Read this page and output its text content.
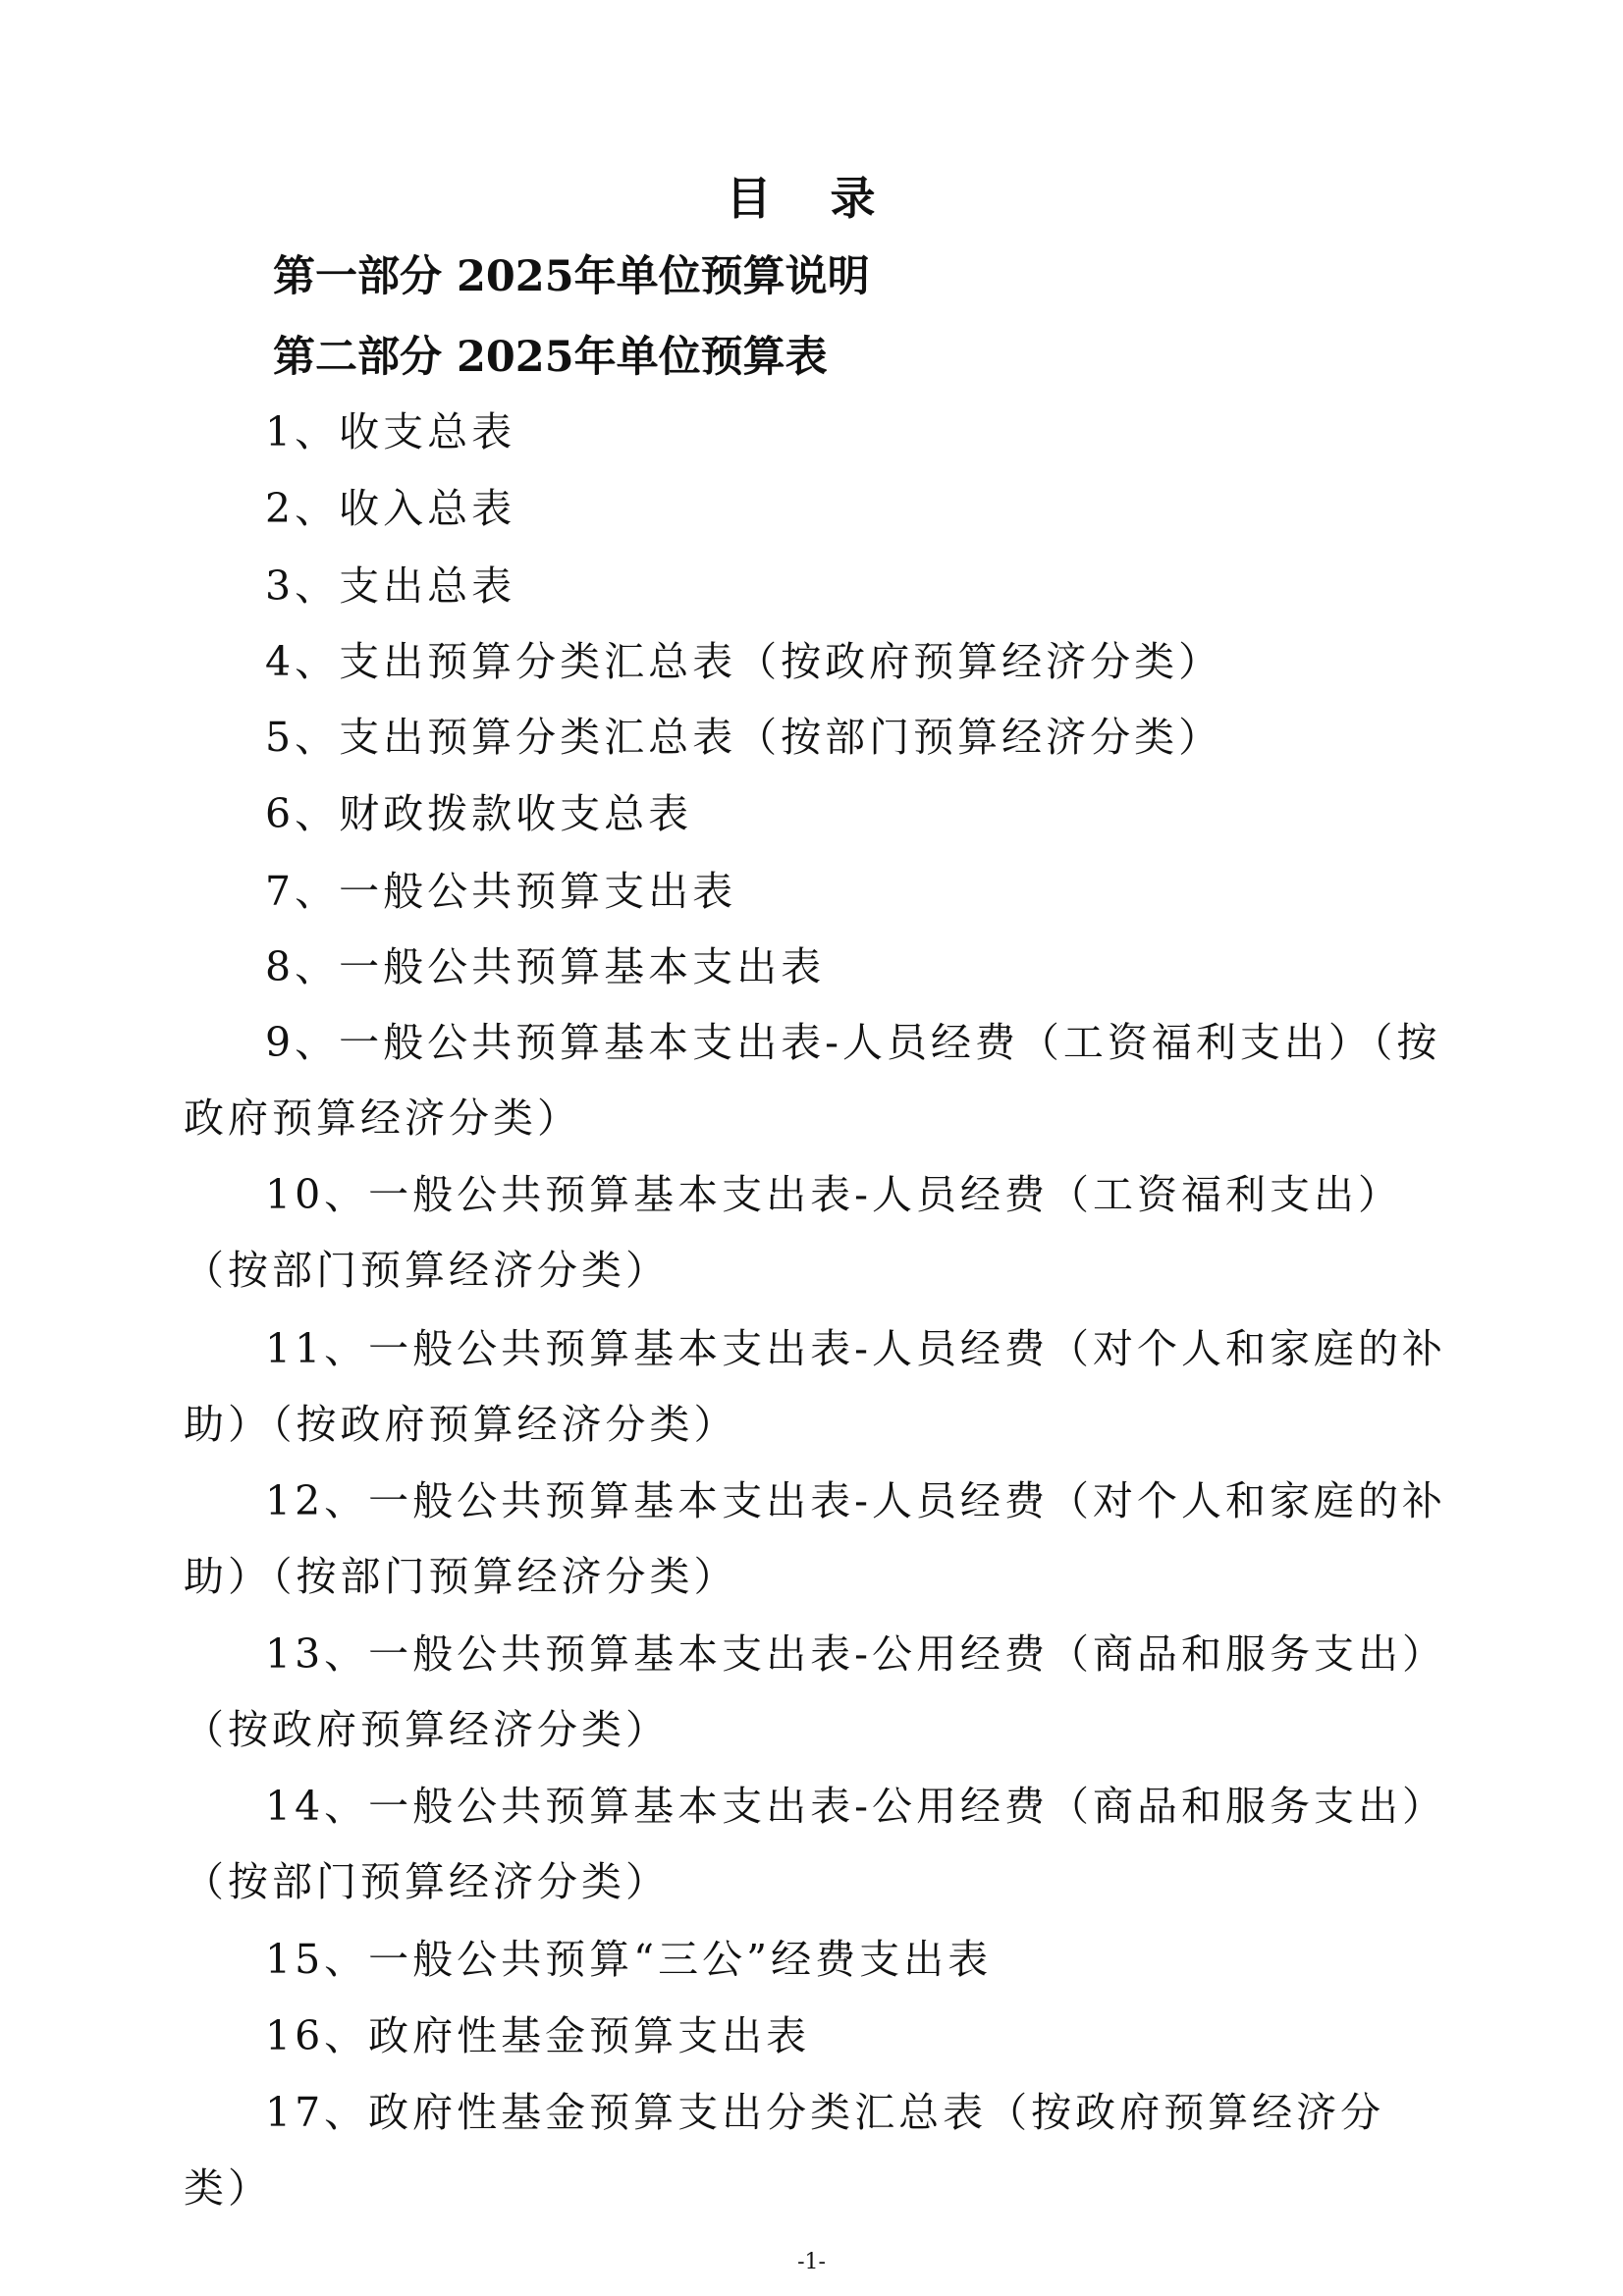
目 录
第一部分 2025年单位预算说明
第二部分 2025年单位预算表
1、收支总表
2、收入总表
3、支出总表
4、支出预算分类汇总表（按政府预算经济分类）
5、支出预算分类汇总表（按部门预算经济分类）
6、财政拨款收支总表
7、一般公共预算支出表
8、一般公共预算基本支出表
9、一般公共预算基本支出表-人员经费（工资福利支出）（按政府预算经济分类）
10、一般公共预算基本支出表-人员经费（工资福利支出）（按部门预算经济分类）
11、一般公共预算基本支出表-人员经费（对个人和家庭的补助）（按政府预算经济分类）
12、一般公共预算基本支出表-人员经费（对个人和家庭的补助）（按部门预算经济分类）
13、一般公共预算基本支出表-公用经费（商品和服务支出）（按政府预算经济分类）
14、一般公共预算基本支出表-公用经费（商品和服务支出）（按部门预算经济分类）
15、一般公共预算“三公”经费支出表
16、政府性基金预算支出表
17、政府性基金预算支出分类汇总表（按政府预算经济分类）
-1-
